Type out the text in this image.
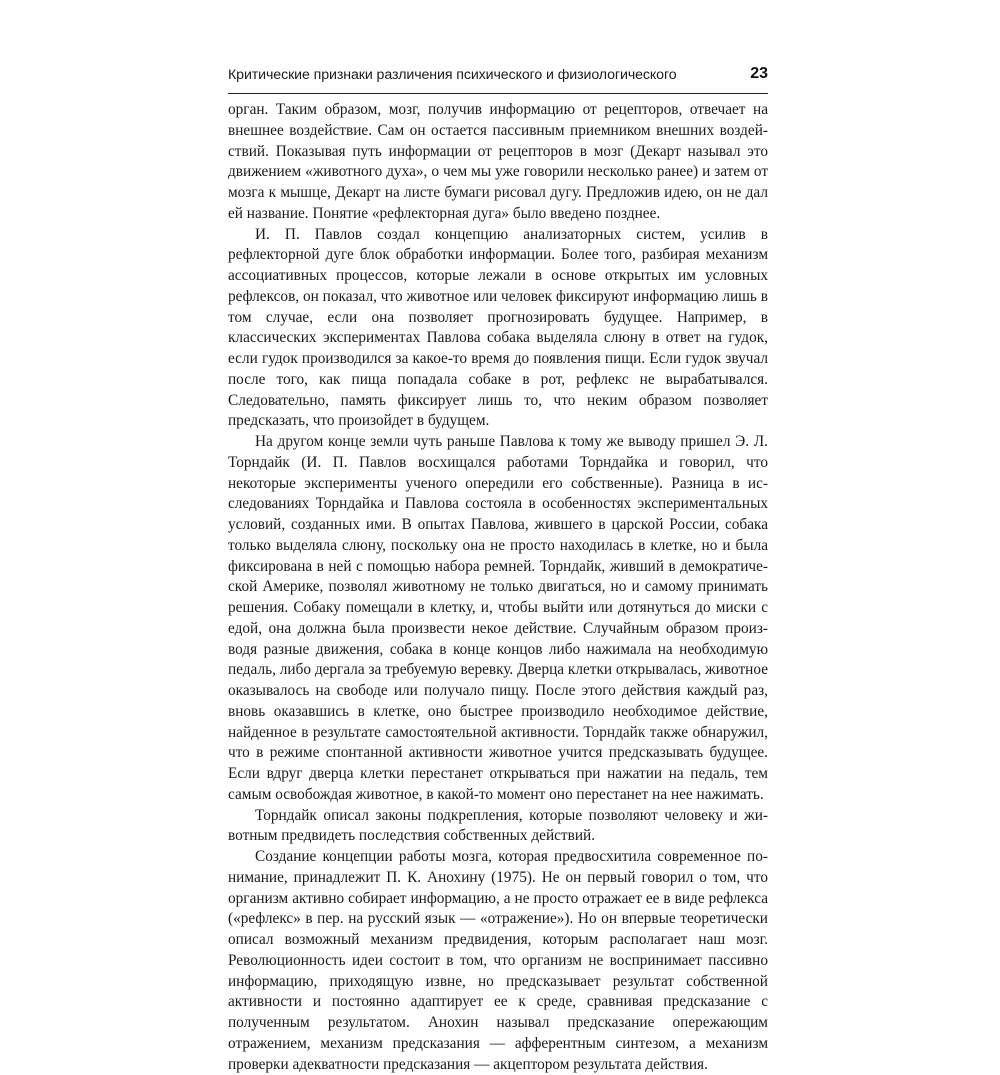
Критические признаки различения психического и физиологического	23

орган. Таким образом, мозг, получив информацию от рецепторов, отвечает на внешнее воздействие. Сам он остается пассивным приемником внешних воздействий. Показывая путь информации от рецепторов в мозг (Декарт называл это движением «животного духа», о чем мы уже говорили несколько ранее) и затем от мозга к мышце, Декарт на листе бумаги рисовал дугу. Предложив идею, он не дал ей название. Понятие «рефлекторная дуга» было введено позднее.

И. П. Павлов создал концепцию анализаторных систем, усилив в рефлекторной дуге блок обработки информации. Более того, разбирая механизм ассоциативных процессов, которые лежали в основе открытых им условных рефлексов, он показал, что животное или человек фиксируют информацию лишь в том случае, если она позволяет прогнозировать будущее. Например, в классических экспериментах Павлова собака выделяла слюну в ответ на гудок, если гудок производился за какое-то время до появления пищи. Если гудок звучал после того, как пища попадала собаке в рот, рефлекс не вырабатывался. Следовательно, память фиксирует лишь то, что неким образом позволяет предсказать, что произойдет в будущем.

На другом конце земли чуть раньше Павлова к тому же выводу пришел Э. Л. Торндайк (И. П. Павлов восхищался работами Торндайка и говорил, что некоторые эксперименты ученого опередили его собственные). Разница в исследованиях Торндайка и Павлова состояла в особенностях экспериментальных условий, созданных ими. В опытах Павлова, жившего в царской России, собака только выделяла слюну, поскольку она не просто находилась в клетке, но и была фиксирована в ней с помощью набора ремней. Торндайк, живший в демократической Америке, позволял животному не только двигаться, но и самому принимать решения. Собаку помещали в клетку, и, чтобы выйти или дотянуться до миски с едой, она должна была произвести некое действие. Случайным образом производя разные движения, собака в конце концов либо нажимала на необходимую педаль, либо дергала за требуемую веревку. Дверца клетки открывалась, животное оказывалось на свободе или получало пищу. После этого действия каждый раз, вновь оказавшись в клетке, оно быстрее производило необходимое действие, найденное в результате самостоятельной активности. Торндайк также обнаружил, что в режиме спонтанной активности животное учится предсказывать будущее. Если вдруг дверца клетки перестанет открываться при нажатии на педаль, тем самым освобождая животное, в какой-то момент оно перестанет на нее нажимать.

Торндайк описал законы подкрепления, которые позволяют человеку и животным предвидеть последствия собственных действий.

Создание концепции работы мозга, которая предвосхитила современное понимание, принадлежит П. К. Анохину (1975). Не он первый говорил о том, что организм активно собирает информацию, а не просто отражает ее в виде рефлекса («рефлекс» в пер. на русский язык — «отражение»). Но он впервые теоретически описал возможный механизм предвидения, которым располагает наш мозг. Революционность идеи состоит в том, что организм не воспринимает пассивно информацию, приходящую извне, но предсказывает результат собственной активности и постоянно адаптирует ее к среде, сравнивая предсказание с полученным результатом. Анохин называл предсказание опережающим отражением, механизм предсказания — афферентным синтезом, а механизм проверки адекватности предсказания — акцептором результата действия.
